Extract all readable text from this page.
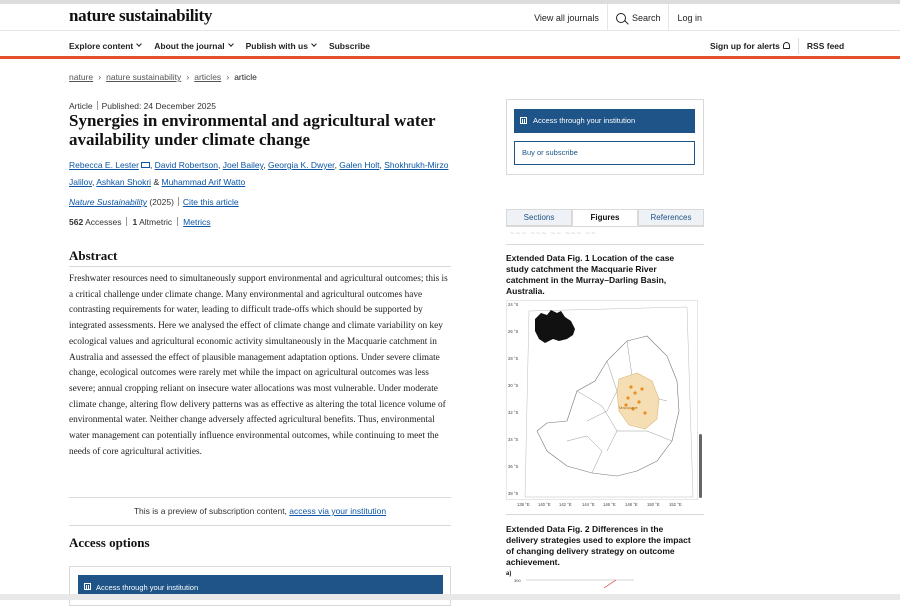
nature sustainability	View all journals	Search	Log in
Explore content About the journal Publish with us Subscribe	Sign up for alerts	RSS feed
nature › nature sustainability › articles › article
Article Published: 24 December 2025
Synergies in environmental and agricultural water availability under climate change
Rebecca E. Lester , David Robertson, Joel Bailey, Georgia K. Dwyer, Galen Holt, Shokhrukh-Mirzo Jalilov, Ashkan Shokri & Muhammad Arif Watto
Nature Sustainability (2025) Cite this article
562 Accesses 1 Altmetric Metrics
Abstract

Freshwater resources need to simultaneously support environmental and agricultural outcomes; this is a critical challenge under climate change. Many environmental and agricultural outcomes have contrasting requirements for water, leading to difficult trade-offs which should be supported by integrated assessments. Here we analysed the effect of climate change and climate variability on key ecological values and agricultural economic activity simultaneously in the Macquarie catchment in Australia and assessed the effect of plausible management adaptation options. Under severe climate change, ecological outcomes were rarely met while the impact on agricultural outcomes was less severe; annual cropping reliant on insecure water allocations was most vulnerable. Under moderate climate change, altering flow delivery patterns was as effective as altering the total licence volume of environmental water. Neither change adversely affected agricultural benefits. Thus, environmental water management can potentially influence environmental outcomes, while continuing to meet the needs of core agricultural activities.

This is a preview of subscription content, access via your institution
Access options
Access through your institution
Access through your institution
Buy or subscribe
Sections	Figures	References
~~~ ~~~ ~~ ~~~ ~~
Extended Data Fig. 1 Location of the case study catchment the Macquarie River catchment in the Murray–Darling Basin, Australia.
24 °S
26 °S
28 °S
30 °S
32 °S
34 °S
36 °S
38 °S
138 °E 140 °E 142 °E 144 °E 146 °E 148 °E 150 °E 152 °E
Macquarie
Extended Data Fig. 2 Differences in the delivery strategies used to explore the impact of changing delivery strategy on outcome achievement.
a)
300
